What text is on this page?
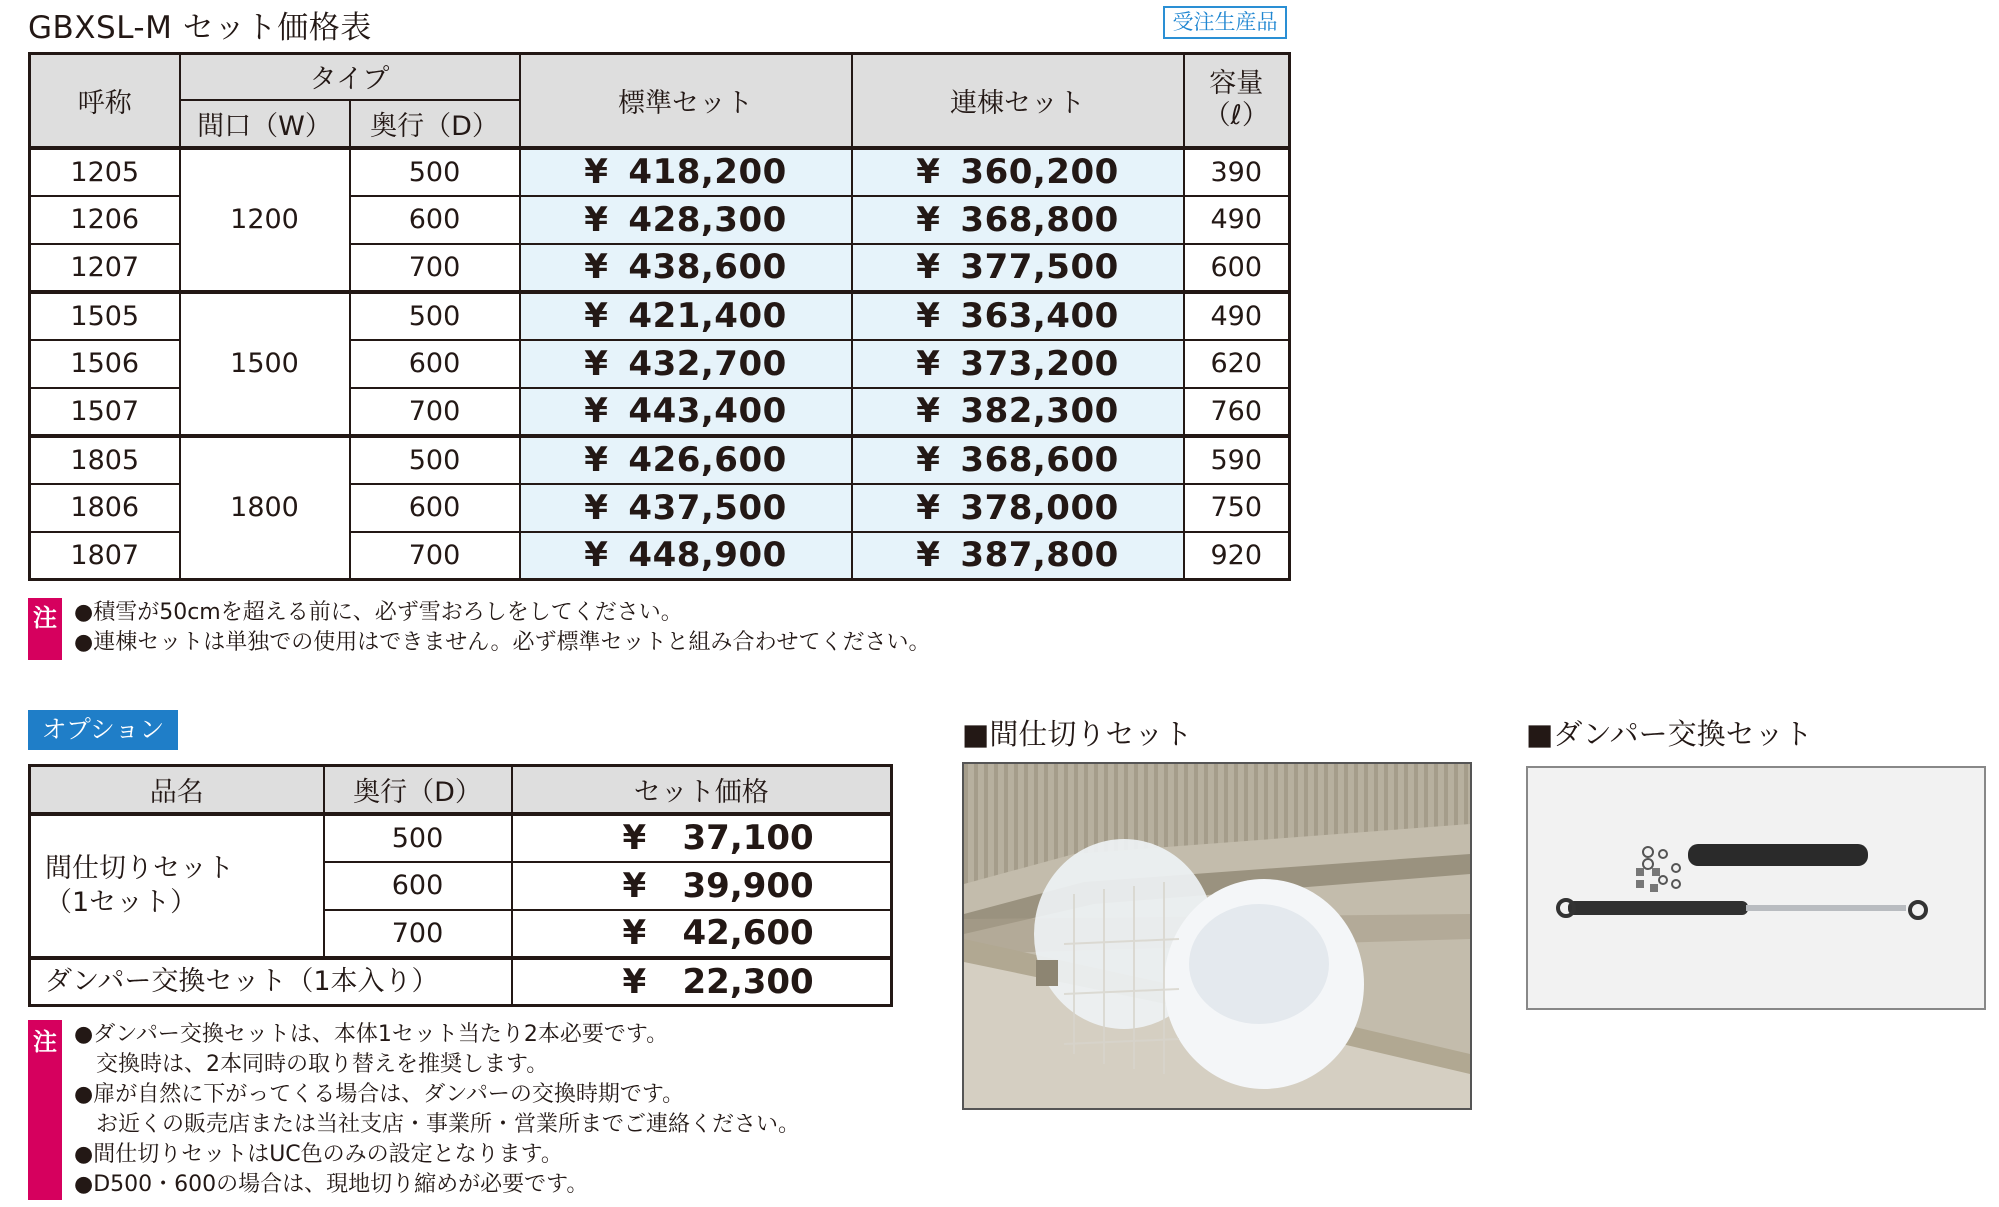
GBXSL-M セット価格表	受注生産品
呼称	タイプ		標準セット	連棟セット	容量
（ℓ）
	間口（W）	奥行（D）			
1205	1200	500	¥ 418,200	¥ 360,200	390
1206		600	¥ 428,300	¥ 368,800	490
1207		700	¥ 438,600	¥ 377,500	600
1505	1500	500	¥ 421,400	¥ 363,400	490
1506		600	¥ 432,700	¥ 373,200	620
1507		700	¥ 443,400	¥ 382,300	760
1805	1800	500	¥ 426,600	¥ 368,600	590
1806		600	¥ 437,500	¥ 378,000	750
1807		700	¥ 448,900	¥ 387,800	920
注 ●積雪が50cmを超える前に、必ず雪おろしをしてください。
●連棟セットは単独での使用はできません。必ず標準セットと組み合わせてください。
オプション
品名	奥行（D）	セット価格
間仕切りセット
（1セット）	500	¥ 37,100
	600	¥ 39,900
	700	¥ 42,600
ダンパー交換セット（1本入り）		¥ 22,300
注 ●ダンパー交換セットは、本体1セット当たり2本必要です。
　交換時は、2本同時の取り替えを推奨します。
●扉が自然に下がってくる場合は、ダンパーの交換時期です。
　お近くの販売店または当社支店・事業所・営業所までご連絡ください。
●間仕切りセットはUC色のみの設定となります。
●D500・600の場合は、現地切り縮めが必要です。
■間仕切りセット	■ダンパー交換セット
